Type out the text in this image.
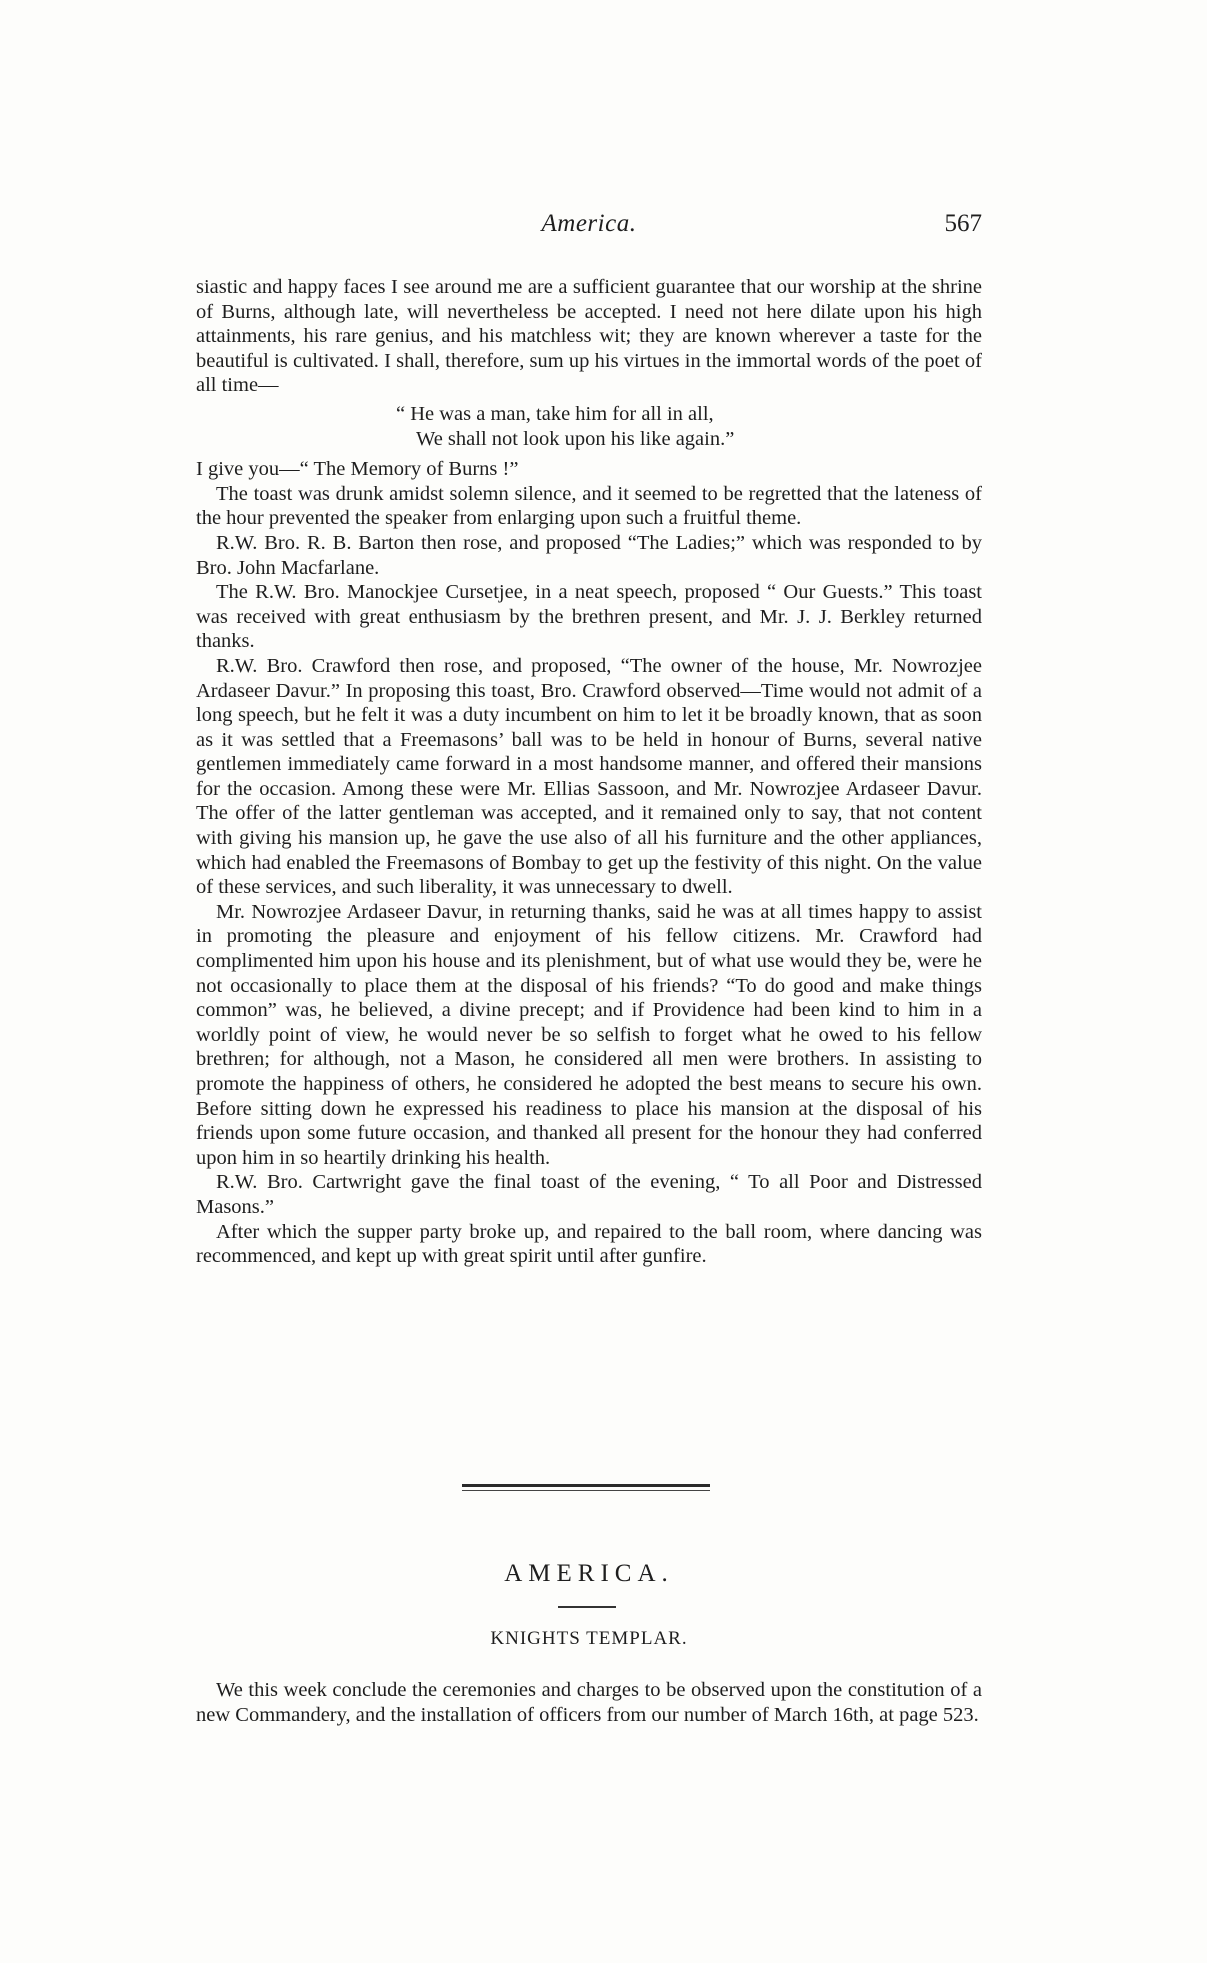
America.	567

siastic and happy faces I see around me are a sufficient guarantee that our worship at the shrine of Burns, although late, will nevertheless be accepted. I need not here dilate upon his high attainments, his rare genius, and his matchless wit; they are known wherever a taste for the beautiful is cultivated. I shall, therefore, sum up his virtues in the immortal words of the poet of all time—

“ He was a man, take him for all in all,
We shall not look upon his like again.”

I give you—“ The Memory of Burns !”

The toast was drunk amidst solemn silence, and it seemed to be regretted that the lateness of the hour prevented the speaker from enlarging upon such a fruitful theme.

R.W. Bro. R. B. Barton then rose, and proposed “The Ladies;” which was responded to by Bro. John Macfarlane.

The R.W. Bro. Manockjee Cursetjee, in a neat speech, proposed “ Our Guests.” This toast was received with great enthusiasm by the brethren present, and Mr. J. J. Berkley returned thanks.

R.W. Bro. Crawford then rose, and proposed, “The owner of the house, Mr. Nowrozjee Ardaseer Davur.” In proposing this toast, Bro. Crawford observed—Time would not admit of a long speech, but he felt it was a duty incumbent on him to let it be broadly known, that as soon as it was settled that a Freemasons’ ball was to be held in honour of Burns, several native gentlemen immediately came forward in a most handsome manner, and offered their mansions for the occasion. Among these were Mr. Ellias Sassoon, and Mr. Nowrozjee Ardaseer Davur. The offer of the latter gentleman was accepted, and it remained only to say, that not content with giving his mansion up, he gave the use also of all his furniture and the other appliances, which had enabled the Freemasons of Bombay to get up the festivity of this night. On the value of these services, and such liberality, it was unnecessary to dwell.

Mr. Nowrozjee Ardaseer Davur, in returning thanks, said he was at all times happy to assist in promoting the pleasure and enjoyment of his fellow citizens. Mr. Crawford had complimented him upon his house and its plenishment, but of what use would they be, were he not occasionally to place them at the disposal of his friends? “To do good and make things common” was, he believed, a divine precept; and if Providence had been kind to him in a worldly point of view, he would never be so selfish to forget what he owed to his fellow brethren; for although, not a Mason, he considered all men were brothers. In assisting to promote the happiness of others, he considered he adopted the best means to secure his own. Before sitting down he expressed his readiness to place his mansion at the disposal of his friends upon some future occasion, and thanked all present for the honour they had conferred upon him in so heartily drinking his health.

R.W. Bro. Cartwright gave the final toast of the evening, “ To all Poor and Distressed Masons.”

After which the supper party broke up, and repaired to the ball room, where dancing was recommenced, and kept up with great spirit until after gunfire.

AMERICA.
KNIGHTS TEMPLAR.

We this week conclude the ceremonies and charges to be observed upon the constitution of a new Commandery, and the installation of officers from our number of March 16th, at page 523.
